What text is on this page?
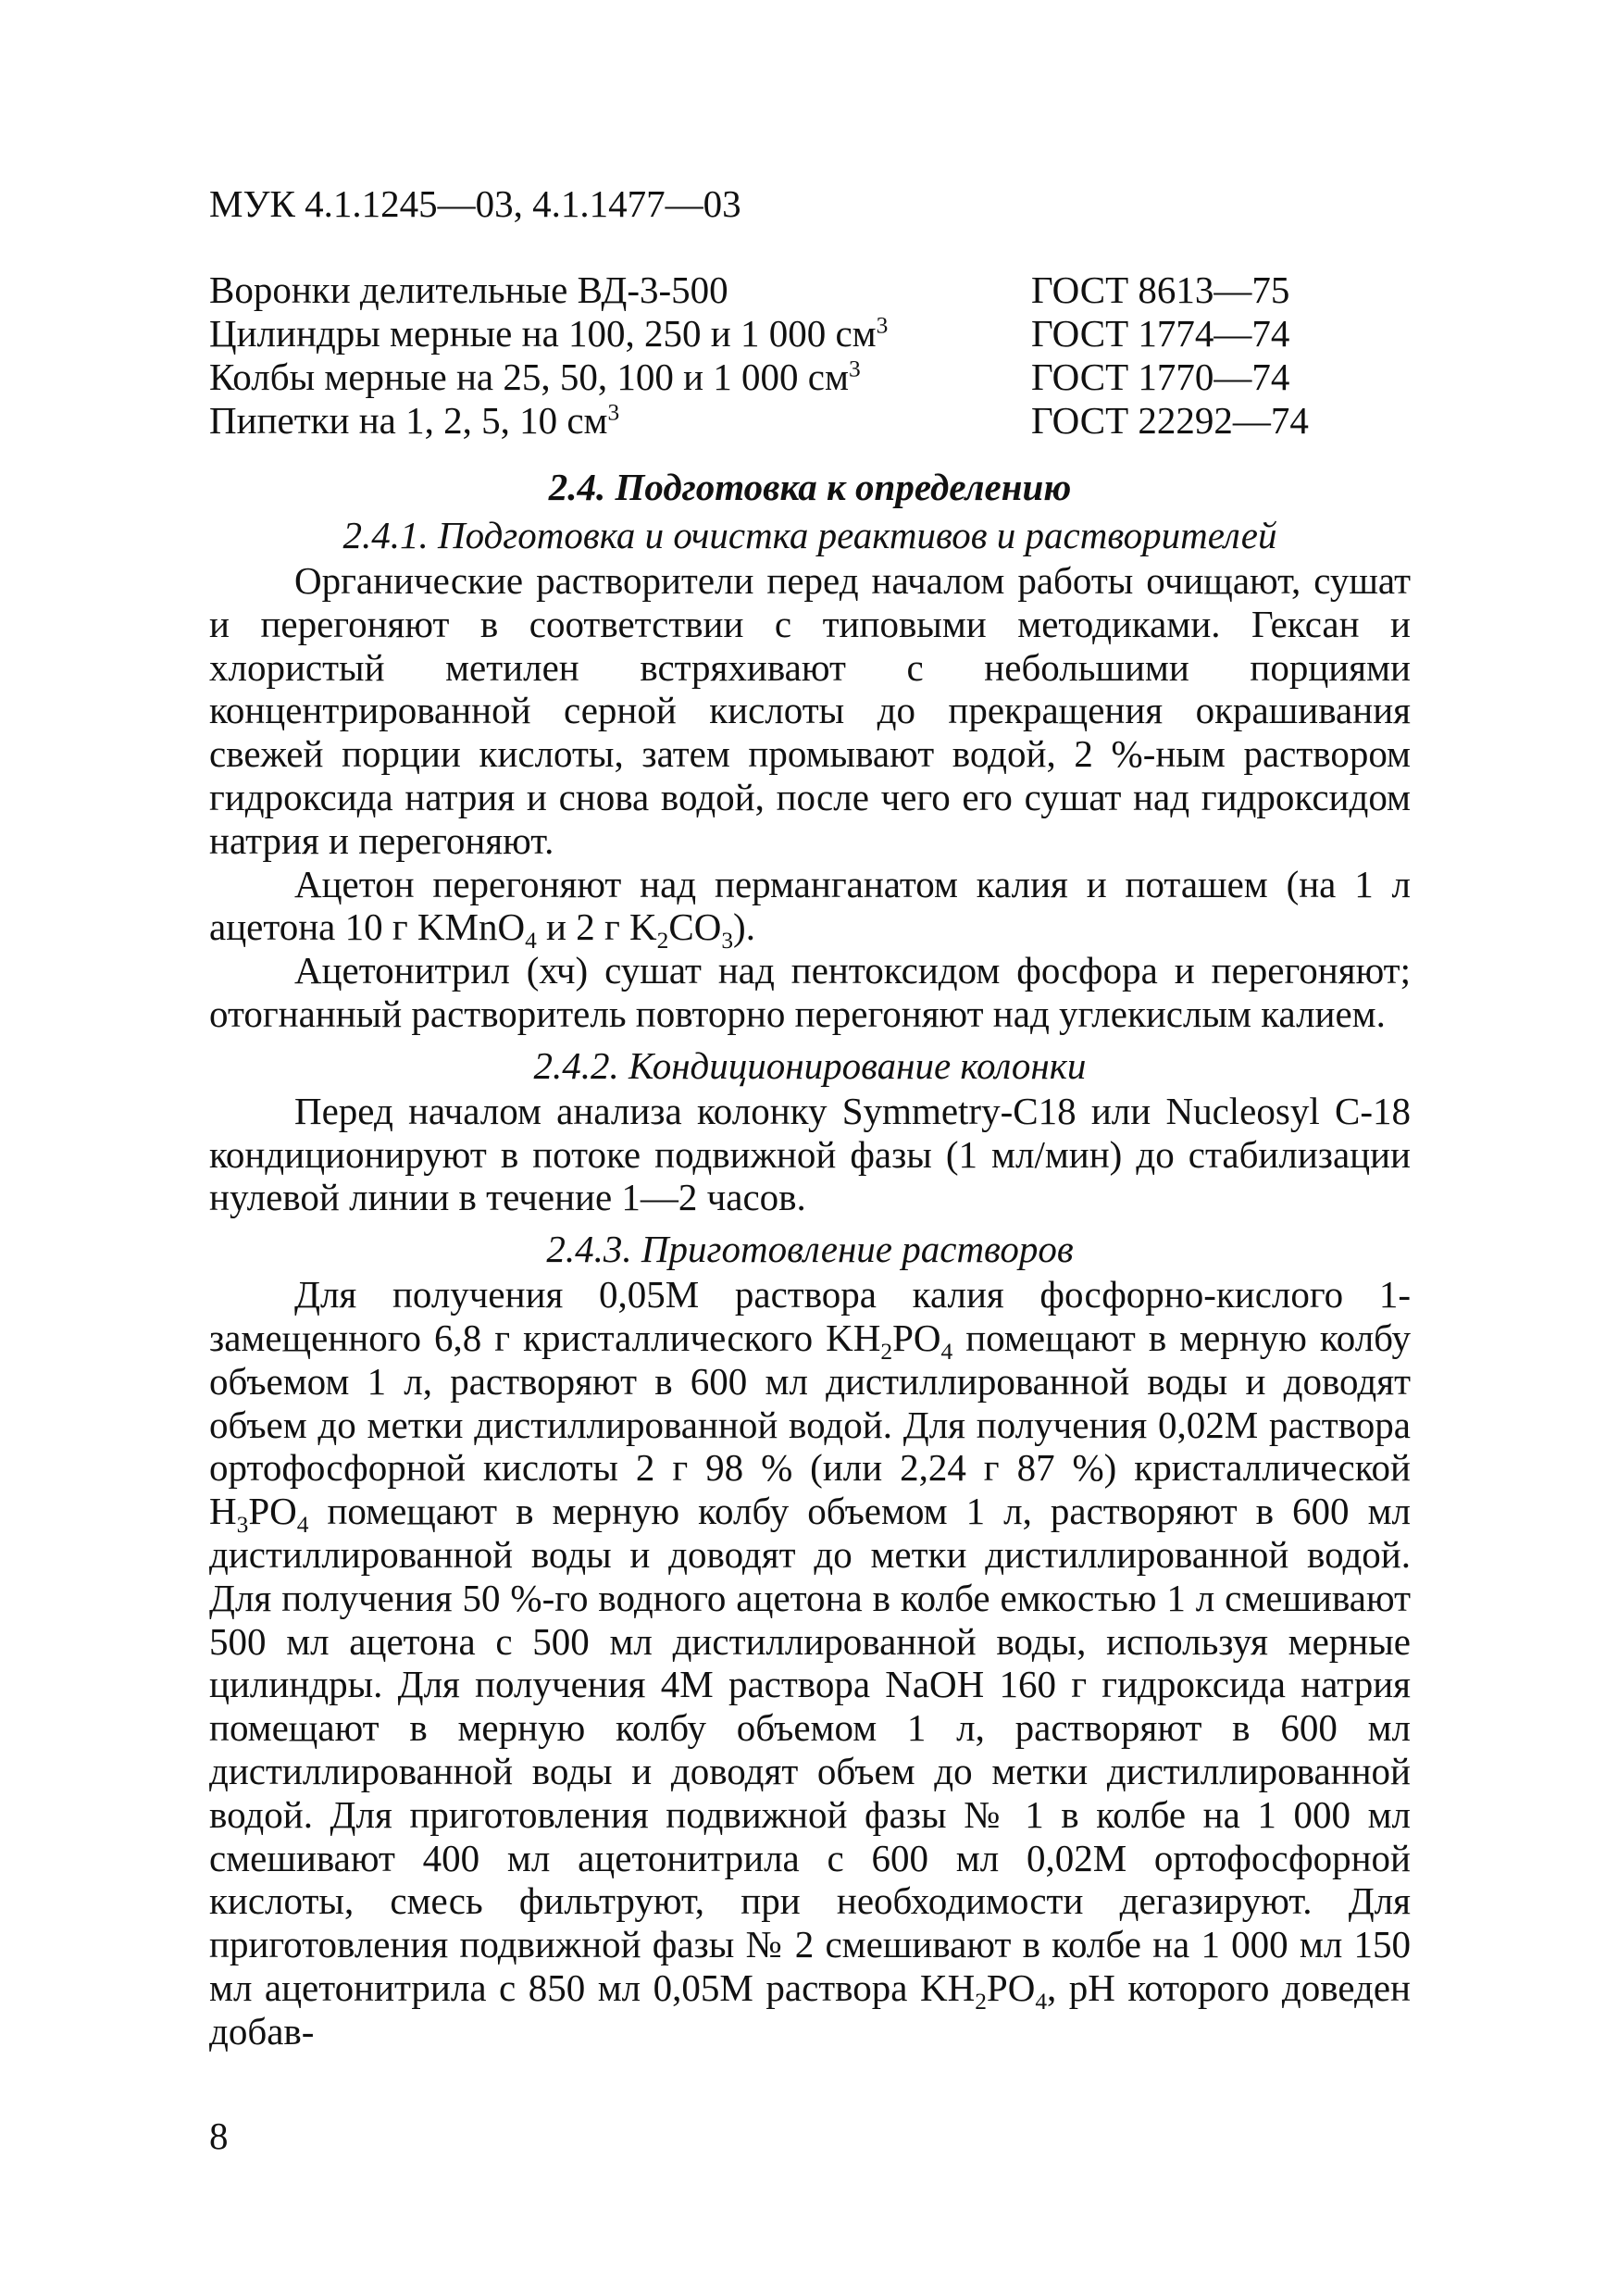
МУК 4.1.1245—03, 4.1.1477—03
Воронки делительные ВД-3-500	ГОСТ 8613—75
Цилиндры мерные на 100, 250 и 1 000 $см^3$	ГОСТ 1774—74
Колбы мерные на 25, 50, 100 и 1 000 $см^3$	ГОСТ 1770—74
Пипетки на 1, 2, 5, 10 $см^3$	ГОСТ 22292—74
2.4. Подготовка к определению
2.4.1. Подготовка и очистка реактивов и растворителей

Органические растворители перед началом работы очищают, сушат и перегоняют в соответствии с типовыми методиками. Гексан и хлористый метилен встряхивают с небольшими порциями концентрированной серной кислоты до прекращения окрашивания свежей порции кислоты, затем промывают водой, 2 %-ным раствором гидроксида натрия и снова водой, после чего его сушат над гидроксидом натрия и перегоняют.

Ацетон перегоняют над перманганатом калия и поташем (на 1 л ацетона 10 г KMnO$_4$ и 2 г $K_2CO_3$).

Ацетонитрил (хч) сушат над пентоксидом фосфора и перегоняют; отогнанный растворитель повторно перегоняют над углекислым калием.

2.4.2. Кондиционирование колонки

Перед началом анализа колонку Symmetry-C18 или Nucleosyl C-18 кондиционируют в потоке подвижной фазы (1 мл/мин) до стабилизации нулевой линии в течение 1—2 часов.

2.4.3. Приготовление растворов

Для получения 0,05М раствора калия фосфорно-кислого 1-замещенного 6,8 г кристаллического $KH_2PO_4$ помещают в мерную колбу объемом 1 л, растворяют в 600 мл дистиллированной воды и доводят объем до метки дистиллированной водой. Для получения 0,02М раствора ортофосфорной кислоты 2 г 98 % (или 2,24 г 87 %) кристаллической $H_3PO_4$ помещают в мерную колбу объемом 1 л, растворяют в 600 мл дистиллированной воды и доводят до метки дистиллированной водой. Для получения 50 %-го водного ацетона в колбе емкостью 1 л смешивают 500 мл ацетона с 500 мл дистиллированной воды, используя мерные цилиндры. Для получения 4М раствора NaOH 160 г гидроксида натрия помещают в мерную колбу объемом 1 л, растворяют в 600 мл дистиллированной воды и доводят объем до метки дистиллированной водой. Для приготовления подвижной фазы № 1 в колбе на 1 000 мл смешивают 400 мл ацетонитрила с 600 мл 0,02М ортофосфорной кислоты, смесь фильтруют, при необходимости дегазируют. Для приготовления подвижной фазы № 2 смешивают в колбе на 1 000 мл 150 мл ацетонитрила с 850 мл 0,05М раствора $KH_2PO_4$, pH которого доведен добав-

8
